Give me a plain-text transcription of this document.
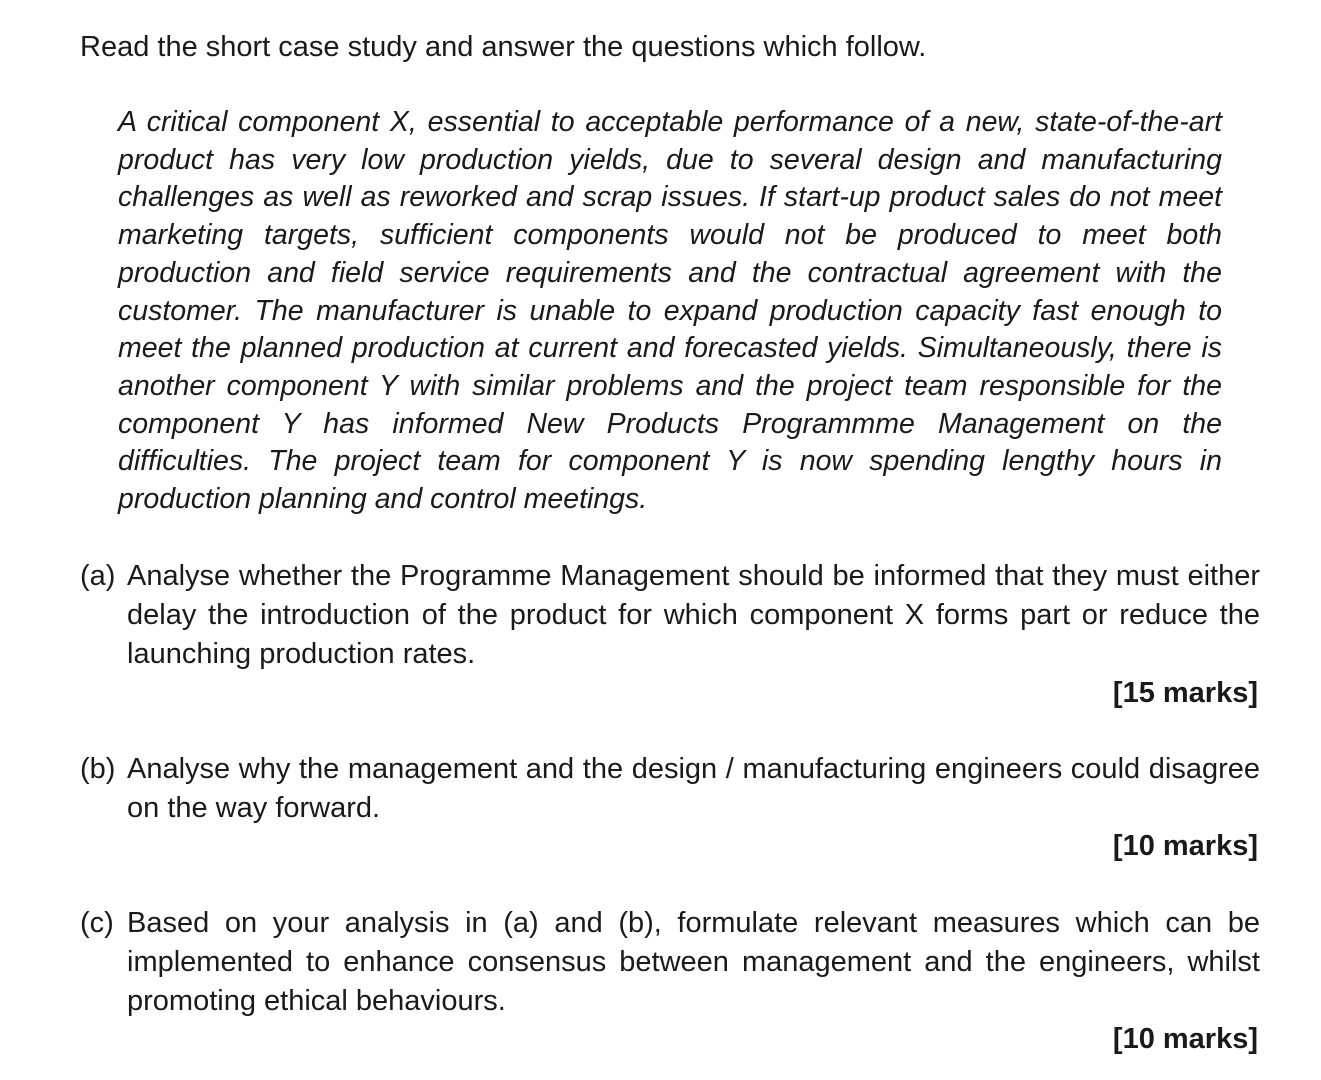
Read the short case study and answer the questions which follow.

A critical component X, essential to acceptable performance of a new, state-of-the-art product has very low production yields, due to several design and manufacturing challenges as well as reworked and scrap issues. If start-up product sales do not meet marketing targets, sufficient components would not be produced to meet both production and field service requirements and the contractual agreement with the customer. The manufacturer is unable to expand production capacity fast enough to meet the planned production at current and forecasted yields. Simultaneously, there is another component Y with similar problems and the project team responsible for the component Y has informed New Products Programmme Management on the difficulties. The project team for component Y is now spending lengthy hours in production planning and control meetings.

(a) Analyse whether the Programme Management should be informed that they must either delay the introduction of the product for which component X forms part or reduce the launching production rates.
[15 marks]
(b) Analyse why the management and the design / manufacturing engineers could disagree on the way forward.
[10 marks]
(c) Based on your analysis in (a) and (b), formulate relevant measures which can be implemented to enhance consensus between management and the engineers, whilst promoting ethical behaviours.
[10 marks]
